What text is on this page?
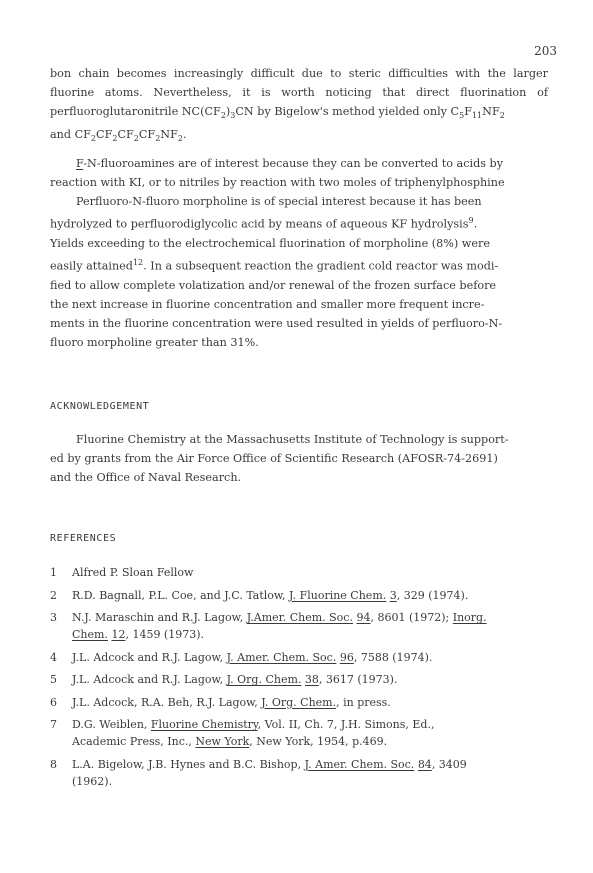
203
bon chain becomes increasingly difficult due to steric difficulties with the larger
fluorine atoms. Nevertheless, it is worth noticing that direct fluorination of
perfluoroglutaronitrile $NC(CF_2)_3CN$ by Bigelow's method yielded only $C_5F_{11}NF_2$
and $CF_2CF_2CF_2CF_2NF_2$.
F-N-fluoroamines are of interest because they can be converted to acids by
reaction with KI, or to nitriles by reaction with two moles of triphenylphosphine
Perfluoro-N-fluoro morpholine is of special interest because it has been
hydrolyzed to perfluorodiglycolic acid by means of aqueous KF hydrolysis$^9$.
Yields exceeding to the electrochemical fluorination of morpholine (8%) were
easily attained$^{12}$. In a subsequent reaction the gradient cold reactor was modi-
fied to allow complete volatization and/or renewal of the frozen surface before
the next increase in fluorine concentration and smaller more frequent incre-
ments in the fluorine concentration were used resulted in yields of perfluoro-N-
fluoro morpholine greater than 31%.
ACKNOWLEDGEMENT
Fluorine Chemistry at the Massachusetts Institute of Technology is support-
ed by grants from the Air Force Office of Scientific Research (AFOSR-74-2691)
and the Office of Naval Research.
REFERENCES
1	Alfred P. Sloan Fellow
2	R.D. Bagnall, P.L. Coe, and J.C. Tatlow, J. Fluorine Chem. 3, 329 (1974).
3	N.J. Maraschin and R.J. Lagow, J.Amer. Chem. Soc. 94, 8601 (1972); Inorg.
Chem. 12, 1459 (1973).
4	J.L. Adcock and R.J. Lagow, J. Amer. Chem. Soc. 96, 7588 (1974).
5	J.L. Adcock and R.J. Lagow, J. Org. Chem. 38, 3617 (1973).
6	J.L. Adcock, R.A. Beh, R.J. Lagow, J. Org. Chem., in press.
7	D.G. Weiblen, Fluorine Chemistry, Vol. II, Ch. 7, J.H. Simons, Ed.,
Academic Press, Inc., New York, New York, 1954, p.469.
8	L.A. Bigelow, J.B. Hynes and B.C. Bishop, J. Amer. Chem. Soc. 84, 3409
(1962).
